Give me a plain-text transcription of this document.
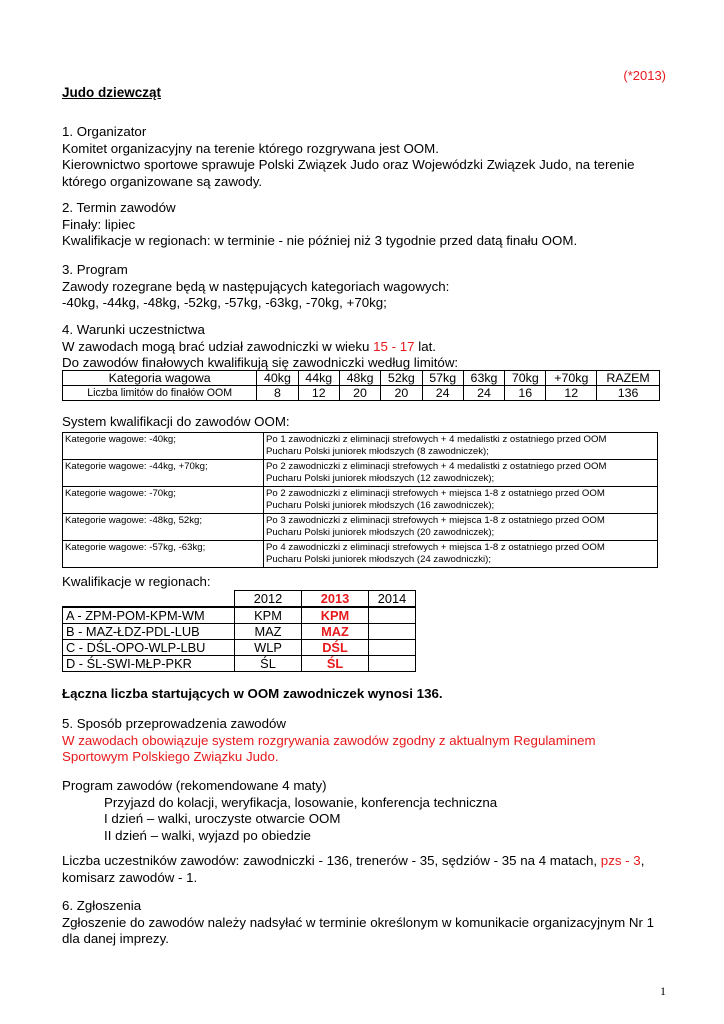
(*2013)
Judo dziewcząt

1. Organizator

Komitet organizacyjny na terenie którego rozgrywana jest OOM.

Kierownictwo sportowe sprawuje Polski Związek Judo oraz Wojewódzki Związek Judo, na terenie

którego organizowane są zawody.

2. Termin zawodów

Finały: lipiec

Kwalifikacje w regionach: w terminie - nie później niż 3 tygodnie przed datą finału OOM.

3. Program

Zawody rozegrane będą w następujących kategoriach wagowych:

-40kg, -44kg, -48kg, -52kg, -57kg, -63kg, -70kg, +70kg;

4. Warunki uczestnictwa

W zawodach mogą brać udział zawodniczki w wieku 15 - 17 lat.

Do zawodów finałowych kwalifikują się zawodniczki według limitów:

Kategoria wagowa	40kg	44kg	48kg	52kg	57kg	63kg	70kg	+70kg	RAZEM
Liczba limitów do finałów OOM	8	12	20	20	24	24	16	12	136
System kwalifikacji do zawodów OOM:
Kategorie wagowe: -40kg;	Po 1 zawodniczki z eliminacji strefowych + 4 medalistki z ostatniego przed OOM
Pucharu Polski juniorek młodszych (8 zawodniczek);

Kategorie wagowe: -44kg, +70kg;	Po 2 zawodniczki z eliminacji strefowych + 4 medalistki z ostatniego przed OOM
Pucharu Polski juniorek młodszych (12 zawodniczek);

Kategorie wagowe: -70kg;	Po 2 zawodniczki z eliminacji strefowych + miejsca 1-8 z ostatniego przed OOM
Pucharu Polski juniorek młodszych (16 zawodniczek);

Kategorie wagowe: -48kg, 52kg;	Po 3 zawodniczki z eliminacji strefowych + miejsca 1-8 z ostatniego przed OOM
Pucharu Polski juniorek młodszych (20 zawodniczek);

Kategorie wagowe: -57kg, -63kg;	Po 4 zawodniczki z eliminacji strefowych + miejsca 1-8 z ostatniego przed OOM
Pucharu Polski juniorek młodszych (24 zawodniczki);
Kwalifikacje w regionach:
	2012	2013	2014
A - ZPM-POM-KPM-WM	KPM	KPM	
B - MAZ-ŁDZ-PDL-LUB	MAZ	MAZ	
C - DŚL-OPO-WLP-LBU	WLP	DŚL	
D - ŚL-SWI-MŁP-PKR	ŚL	ŚL	
Łączna liczba startujących w OOM zawodniczek wynosi 136.

5. Sposób przeprowadzenia zawodów

W zawodach obowiązuje system rozgrywania zawodów zgodny z aktualnym Regulaminem

Sportowym Polskiego Związku Judo.

Program zawodów (rekomendowane 4 maty)

Przyjazd do kolacji, weryfikacja, losowanie, konferencja techniczna

I dzień – walki, uroczyste otwarcie OOM

II dzień – walki, wyjazd po obiedzie

Liczba uczestników zawodów: zawodniczki - 136, trenerów - 35, sędziów - 35 na 4 matach, pzs - 3,

komisarz zawodów - 1.

6. Zgłoszenia

Zgłoszenie do zawodów należy nadsyłać w terminie określonym w komunikacie organizacyjnym Nr 1

dla danej imprezy.

1
